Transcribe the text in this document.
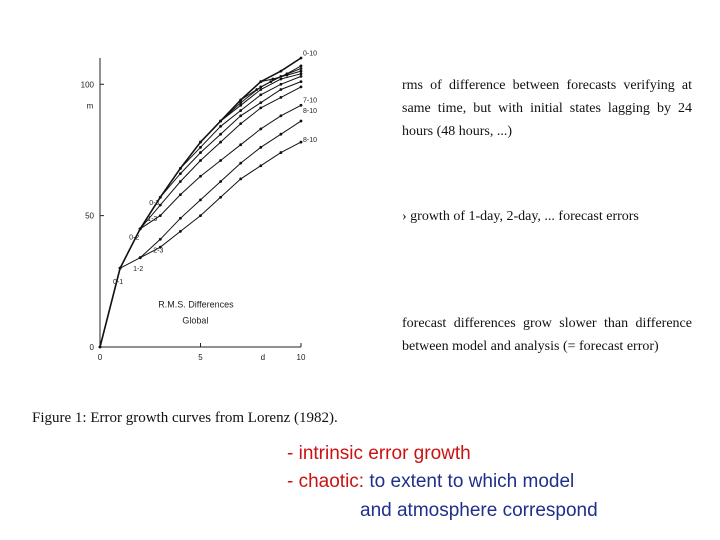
0	5	10
0
50
100
d
m
R.M.S. Differences
Global
0-10
7-10
8-10
0-1
1-2
0-2
2-3
1-3
0-3
8-10

rms of difference between forecasts verifying at same time, but with initial states lagging by 24 hours (48 hours, ...)

› growth of 1-day, 2-day, ... forecast errors

forecast differences grow slower than difference between model and analysis (= forecast error)

Figure 1: Error growth curves from Lorenz (1982).

- intrinsic error growth

- chaotic: to extent to which model

and atmosphere correspond
